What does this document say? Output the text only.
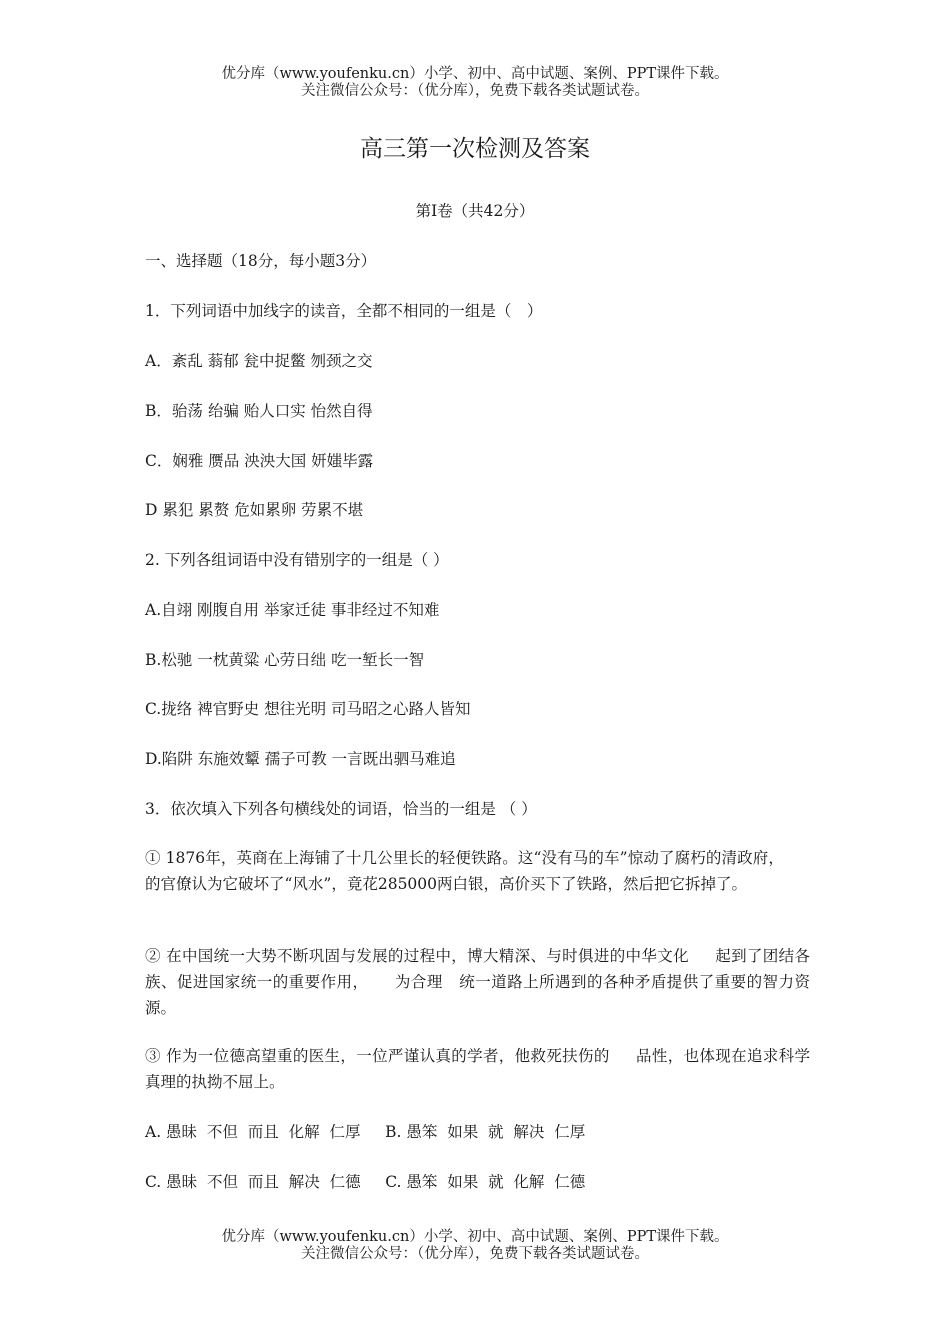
优分库（www.youfenku.cn）小学、初中、高中试题、案例、PPT课件下载。
关注微信公众号：（优分库），免费下载各类试题试卷。
高三第一次检测及答案
第Ⅰ卷（共42分）
一、选择题（18分，每小题3分）
1．下列词语中加线字的读音，全都不相同的一组是（　）
A．紊乱 蓊郁 瓮中捉鳖 刎颈之交
B．骀荡 绐骗 贻人口实 怡然自得
C．娴雅 赝品 泱泱大国 妍媸毕露
D 累犯 累赘 危如累卵 劳累不堪
2. 下列各组词语中没有错别字的一组是（ ）
A.自翊 刚腹自用 举家迁徒 事非经过不知难
B.松驰 一枕黄粱 心劳日绌 吃一堑长一智
C.拢络 裨官野史 想往光明 司马昭之心路人皆知
D.陷阱 东施效颦 孺子可教 一言既出驷马难追
3．依次填入下列各句横线处的词语，恰当的一组是 （ ）
① 1876年，英商在上海铺了十几公里长的轻便铁路。这“没有马的车”惊动了腐朽的清政府，的官僚认为它破坏了“风水”，竟花285000两白银，高价买下了铁路，然后把它拆掉了。
② 在中国统一大势不断巩固与发展的过程中，博大精深、与时俱进的中华文化 起到了团结各族、促进国家统一的重要作用， 为合理 统一道路上所遇到的各种矛盾提供了重要的智力资源。
③ 作为一位德高望重的医生，一位严谨认真的学者，他救死扶伤的 品性，也体现在追求科学真理的执拗不屈上。
A. 愚昧  不但  而且  化解  仁厚     B. 愚笨  如果  就  解决  仁厚
C. 愚昧  不但  而且  解决  仁德     C. 愚笨  如果  就  化解  仁德
优分库（www.youfenku.cn）小学、初中、高中试题、案例、PPT课件下载。
关注微信公众号：（优分库），免费下载各类试题试卷。
